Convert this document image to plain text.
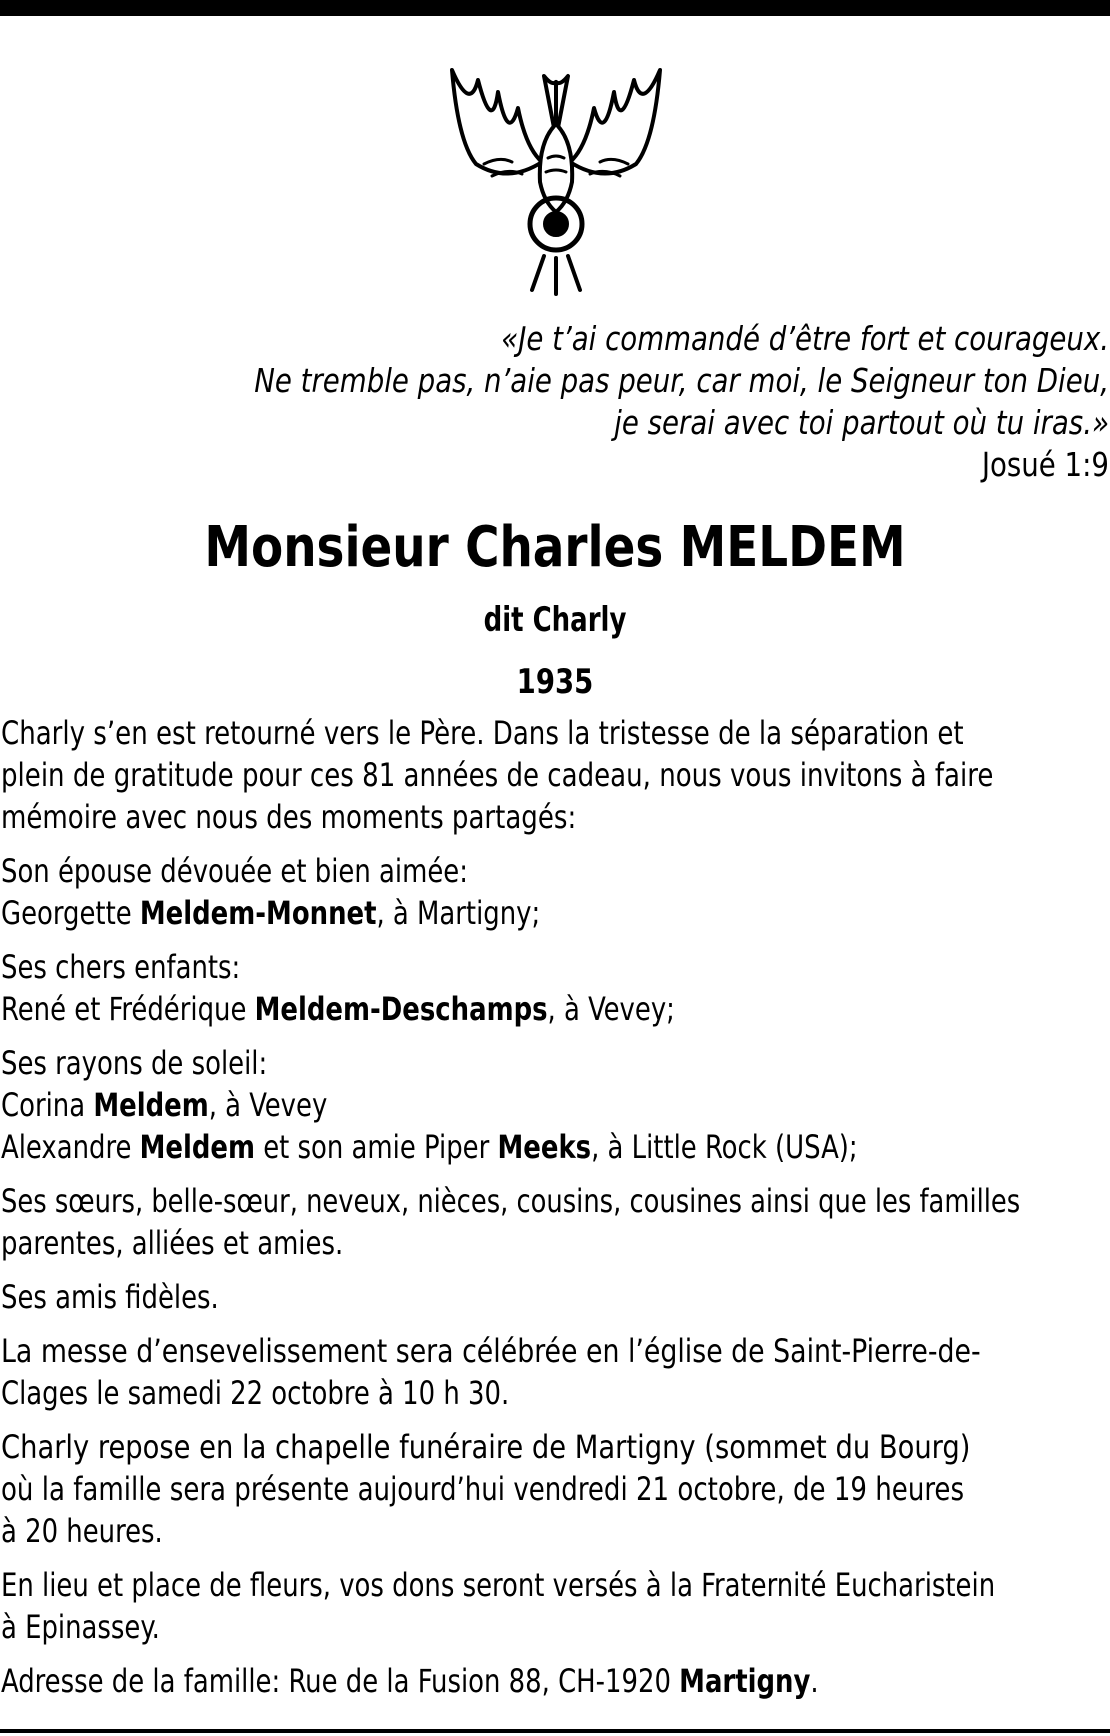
«Je t’ai commandé d’être fort et courageux.
Ne tremble pas, n’aie pas peur, car moi, le Seigneur ton Dieu,
je serai avec toi partout où tu iras.»
Josué 1:9
Monsieur Charles MELDEM
dit Charly
1935
Charly s’en est retourné vers le Père. Dans la tristesse de la séparation et
plein de gratitude pour ces 81 années de cadeau, nous vous invitons à faire
mémoire avec nous des moments partagés:
Son épouse dévouée et bien aimée:
Georgette Meldem-Monnet, à Martigny;
Ses chers enfants:
René et Frédérique Meldem-Deschamps, à Vevey;
Ses rayons de soleil:
Corina Meldem, à Vevey
Alexandre Meldem et son amie Piper Meeks, à Little Rock (USA);
Ses sœurs, belle-sœur, neveux, nièces, cousins, cousines ainsi que les familles
parentes, alliées et amies.
Ses amis fidèles.
La messe d’ensevelissement sera célébrée en l’église de Saint-Pierre-de-
Clages le samedi 22 octobre à 10 h 30.
Charly repose en la chapelle funéraire de Martigny (sommet du Bourg)
où la famille sera présente aujourd’hui vendredi 21 octobre, de 19 heures
à 20 heures.
En lieu et place de fleurs, vos dons seront versés à la Fraternité Eucharistein
à Epinassey.
Adresse de la famille: Rue de la Fusion 88, CH-1920 Martigny.
